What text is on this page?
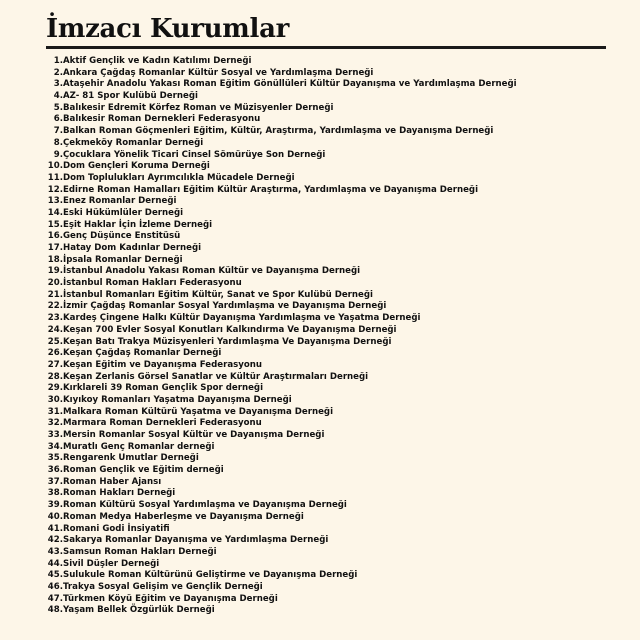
İmzacı Kurumlar
1.Aktif Gençlik ve Kadın Katılımı Derneği
2.Ankara Çağdaş Romanlar Kültür Sosyal ve Yardımlaşma Derneği
3.Ataşehir Anadolu Yakası Roman Eğitim Gönüllüleri Kültür Dayanışma ve Yardımlaşma Derneği
4.AZ- 81 Spor Kulübü Derneği
5.Balıkesir Edremit Körfez Roman ve Müzisyenler Derneği
6.Balıkesir Roman Dernekleri Federasyonu
7.Balkan Roman Göçmenleri Eğitim, Kültür, Araştırma, Yardımlaşma ve Dayanışma Derneği
8.Çekmeköy Romanlar Derneği
9.Çocuklara Yönelik Ticari Cinsel Sömürüye Son Derneği
10.Dom Gençleri Koruma Derneği
11.Dom Toplulukları Ayrımcılıkla Mücadele Derneği
12.Edirne Roman Hamalları Eğitim Kültür Araştırma, Yardımlaşma ve Dayanışma Derneği
13.Enez Romanlar Derneği
14.Eski Hükümlüler Derneği
15.Eşit Haklar İçin İzleme Derneği
16.Genç Düşünce Enstitüsü
17.Hatay Dom Kadınlar Derneği
18.İpsala Romanlar Derneği
19.İstanbul Anadolu Yakası Roman Kültür ve Dayanışma Derneği
20.İstanbul Roman Hakları Federasyonu
21.İstanbul Romanları Eğitim Kültür, Sanat ve Spor Kulübü Derneği
22.İzmir Çağdaş Romanlar Sosyal Yardımlaşma ve Dayanışma Derneği
23.Kardeş Çingene Halkı Kültür Dayanışma Yardımlaşma ve Yaşatma Derneği
24.Keşan 700 Evler Sosyal Konutları Kalkındırma Ve Dayanışma Derneği
25.Keşan Batı Trakya Müzisyenleri Yardımlaşma Ve Dayanışma Derneği
26.Keşan Çağdaş Romanlar Derneği
27.Keşan Eğitim ve Dayanışma Federasyonu
28.Keşan Zerlanis Görsel Sanatlar ve Kültür Araştırmaları Derneği
29.Kırklareli 39 Roman Gençlik Spor derneği
30.Kıyıkoy Romanları Yaşatma Dayanışma Derneği
31.Malkara Roman Kültürü Yaşatma ve Dayanışma Derneği
32.Marmara Roman Dernekleri Federasyonu
33.Mersin Romanlar Sosyal Kültür ve Dayanışma Derneği
34.Muratlı Genç Romanlar derneği
35.Rengarenk Umutlar Derneği
36.Roman Gençlik ve Eğitim derneği
37.Roman Haber Ajansı
38.Roman Hakları Derneği
39.Roman Kültürü Sosyal Yardımlaşma ve Dayanışma Derneği
40.Roman Medya Haberleşme ve Dayanışma Derneği
41.Romani Godi İnsiyatifi
42.Sakarya Romanlar Dayanışma ve Yardımlaşma Derneği
43.Samsun Roman Hakları Derneği
44.Sivil Düşler Derneği
45.Sulukule Roman Kültürünü Geliştirme ve Dayanışma Derneği
46.Trakya Sosyal Gelişim ve Gençlik Derneği
47.Türkmen Köyü Eğitim ve Dayanışma Derneği
48.Yaşam Bellek Özgürlük Derneği
